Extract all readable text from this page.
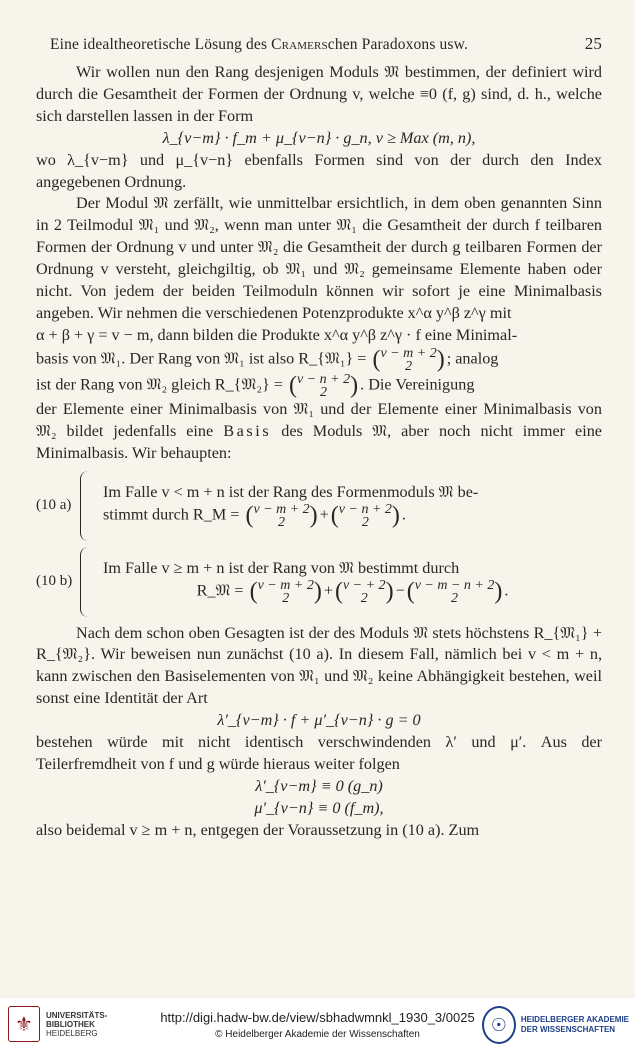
Eine idealtheoretische Lösung des Cramerschen Paradoxons usw.	25

Wir wollen nun den Rang desjenigen Moduls 𝔐 bestimmen, der definiert wird durch die Gesamtheit der Formen der Ordnung v, welche ≡0 (f, g) sind, d. h., welche sich darstellen lassen in der Form

λ_{v−m} · f_m + μ_{v−n} · g_n, v ≥ Max (m, n),

wo λ_{v−m} und μ_{v−n} ebenfalls Formen sind von der durch den Index angegebenen Ordnung.

Der Modul 𝔐 zerfällt, wie unmittelbar ersichtlich, in dem oben genannten Sinn in 2 Teilmodul 𝔐₁ und 𝔐₂, wenn man unter 𝔐₁ die Gesamtheit der durch f teilbaren Formen der Ordnung v und unter 𝔐₂ die Gesamtheit der durch g teilbaren Formen der Ordnung v versteht, gleichgiltig, ob 𝔐₁ und 𝔐₂ gemeinsame Elemente haben oder nicht. Von jedem der beiden Teilmoduln können wir sofort je eine Minimalbasis angeben. Wir nehmen die verschiedenen Potenzprodukte x^α y^β z^γ mit

α + β + γ = v − m, dann bilden die Produkte x^α y^β z^γ · f eine Minimal-

basis von 𝔐₁. Der Rang von 𝔐₁ ist also R_{𝔐₁} = (v − m + 2
2 ) ; analog

ist der Rang von 𝔐₂ gleich R_{𝔐₂} = (v − n + 2
2 ) . Die Vereinigung

der Elemente einer Minimalbasis von 𝔐₁ und der Elemente einer Minimalbasis von 𝔐₂ bildet jedenfalls eine Basis des Moduls 𝔐, aber noch nicht immer eine Minimalbasis. Wir behaupten:

(10 a)
Im Falle v < m + n ist der Rang des Formenmoduls 𝔐 be-
stimmt durch R_M = (v − m + 2
2 ) +(v − n + 2
2 ) .
(10 b)
Im Falle v ≥ m + n ist der Rang von 𝔐 bestimmt durch
R_𝔐 = (v − m + 2
2 ) +(v − + 2
2 ) −(v − m − n + 2
2 ) .

Nach dem schon oben Gesagten ist der des Moduls 𝔐 stets höchstens R_{𝔐₁} + R_{𝔐₂}. Wir beweisen nun zunächst (10 a). In diesem Fall, nämlich bei v < m + n, kann zwischen den Basiselementen von 𝔐₁ und 𝔐₂ keine Abhängigkeit bestehen, weil sonst eine Identität der Art

λ′_{v−m} · f + μ′_{v−n} · g = 0

bestehen würde mit nicht identisch verschwindenden λ′ und μ′. Aus der Teilerfremdheit von f und g würde hieraus weiter folgen

λ′_{v−m} ≡ 0 (g_n)

μ′_{v−n} ≡ 0 (f_m),

also beidemal v ≥ m + n, entgegen der Voraussetzung in (10 a). Zum

⚜	UNIVERSITÄTS-
BIBLIOTHEK
HEIDELBERG
http://digi.hadw-bw.de/view/sbhadwmnkl_1930_3/0025
© Heidelberger Akademie der Wissenschaften	☉	HEIDELBERGER AKADEMIE
DER WISSENSCHAFTEN
